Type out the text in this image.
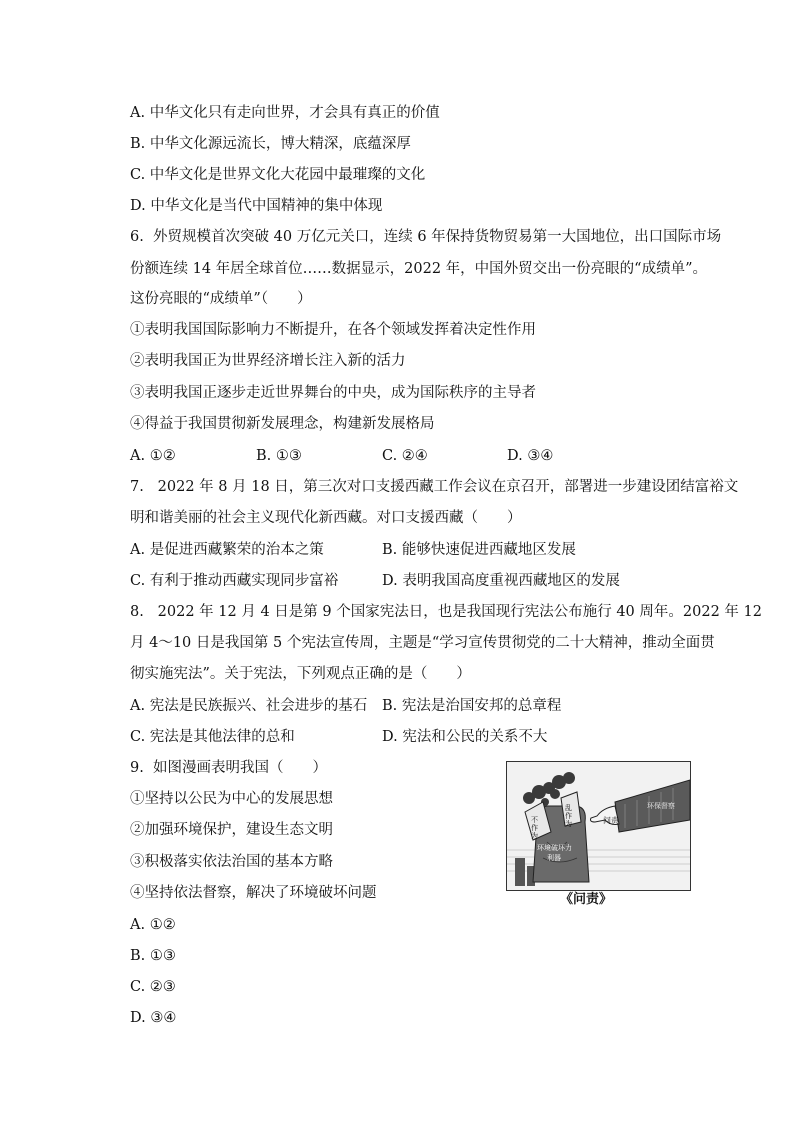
A. 中华文化只有走向世界，才会具有真正的价值
B. 中华文化源远流长，博大精深，底蕴深厚
C. 中华文化是世界文化大花园中最璀璨的文化
D. 中华文化是当代中国精神的集中体现
6.  外贸规模首次突破 40 万亿元关口，连续 6 年保持货物贸易第一大国地位，出口国际市场
份额连续 14 年居全球首位……数据显示，2022 年，中国外贸交出一份亮眼的“成绩单”。
这份亮眼的“成绩单”（　　）
①表明我国国际影响力不断提升，在各个领域发挥着决定性作用
②表明我国正为世界经济增长注入新的活力
③表明我国正逐步走近世界舞台的中央，成为国际秩序的主导者
④得益于我国贯彻新发展理念，构建新发展格局
A. ①②	B. ①③	C. ②④	D. ③④
7.   2022 年 8 月 18 日，第三次对口支援西藏工作会议在京召开，部署进一步建设团结富裕文
明和谐美丽的社会主义现代化新西藏。对口支援西藏（　　）
A. 是促进西藏繁荣的治本之策	B. 能够快速促进西藏地区发展
C. 有利于推动西藏实现同步富裕	D. 表明我国高度重视西藏地区的发展
8.   2022 年 12 月 4 日是第 9 个国家宪法日，也是我国现行宪法公布施行 40 周年。2022 年 12
月 4～10 日是我国第 5 个宪法宣传周，主题是“学习宣传贯彻党的二十大精神，推动全面贯
彻实施宪法”。关于宪法，下列观点正确的是（　　）
A. 宪法是民族振兴、社会进步的基石 B. 宪法是治国安邦的总章程
C. 宪法是其他法律的总和	D. 宪法和公民的关系不大
9.  如图漫画表明我国（　　）
①坚持以公民为中心的发展思想
②加强环境保护，建设生态文明
③积极落实依法治国的基本方略
④坚持依法督察，解决了环境破坏问题
A. ①②
B. ①③
C. ②③
D. ③④
问责
环保督察
乱作为
不作为
环境破坏力
利器
《问责》
